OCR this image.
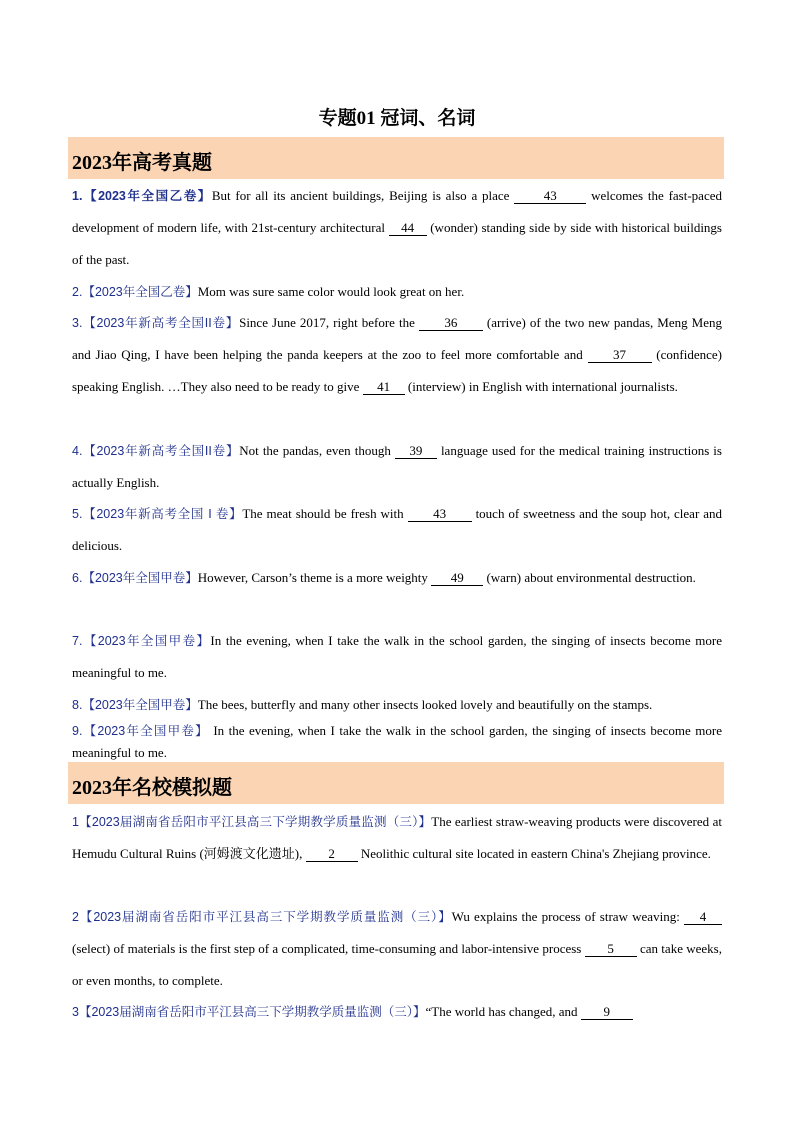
专题01 冠词、名词
2023年高考真题
1.【2023年全国乙卷】But for all its ancient buildings, Beijing is also a place 43 welcomes the fast-paced development of modern life, with 21st-century architectural 44 (wonder) standing side by side with historical buildings of the past.
2.【2023年全国乙卷】Mom was sure same color would look great on her.
3.【2023年新高考全国II卷】Since June 2017, right before the 36 (arrive) of the two new pandas, Meng Meng and Jiao Qing, I have been helping the panda keepers at the zoo to feel more comfortable and 37 (confidence) speaking English. …They also need to be ready to give 41 (interview) in English with international journalists.
4.【2023年新高考全国II卷】Not the pandas, even though 39 language used for the medical training instructions is actually English.
5.【2023年新高考全国 I 卷】The meat should be fresh with 43 touch of sweetness and the soup hot, clear and delicious.
6.【2023年全国甲卷】However, Carson’s theme is a more weighty 49 (warn) about environmental destruction.
7.【2023年全国甲卷】In the evening, when I take the walk in the school garden, the singing of insects become more meaningful to me.
8.【2023年全国甲卷】The bees, butterfly and many other insects looked lovely and beautifully on the stamps.
9.【2023年全国甲卷】 In the evening, when I take the walk in the school garden, the singing of insects become more meaningful to me.
2023年名校模拟题
1【2023届湖南省岳阳市平江县高三下学期教学质量监测（三）】The earliest straw-weaving products were discovered at Hemudu Cultural Ruins (河姆渡文化遗址), 2 Neolithic cultural site located in eastern China's Zhejiang province.
2【2023届湖南省岳阳市平江县高三下学期教学质量监测（三）】Wu explains the process of straw weaving: 4(select) of materials is the first step of a complicated, time-consuming and labor-intensive process 5 can take weeks, or even months, to complete.
3【2023届湖南省岳阳市平江县高三下学期教学质量监测（三）】“The world has changed, and 9
